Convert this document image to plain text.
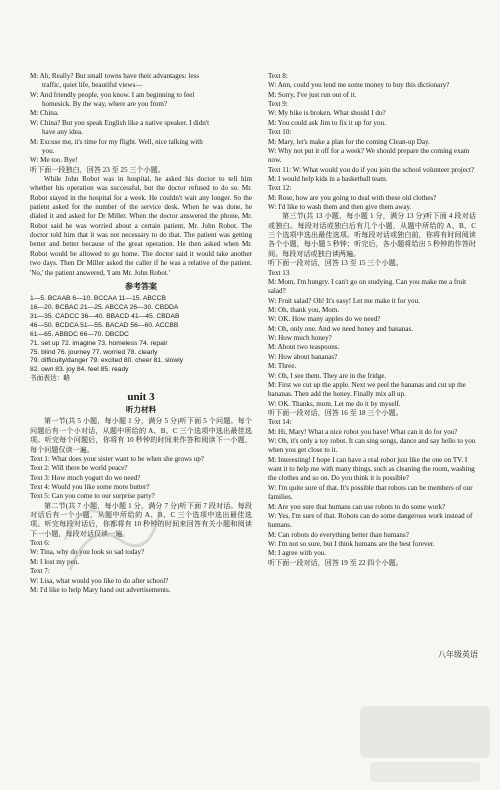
M: Ah, Really? But small towns have their advantages: less

traffic, quiet life, beautiful views—

W: And friendly people, you know. I am beginning to feel

homesick. By the way, where are you from?

M: China.

W: China? But you speak English like a native speaker. I didn't

have any idea.

M: Excuse me, it's time for my flight. Well, nice talking with

you.

W: Me too. Bye!

听下面一段独白，回答 23 至 25 三个小题。

While John Robot was in hospital, he asked his doctor to tell him whether his operation was successful, but the doctor refused to do so. Mr. Robot stayed in the hospital for a week. He couldn't wait any longer. So the patient asked for the number of the service desk. When he was done, he dialed it and asked for Dr Miller. When the doctor answered the phone, Mr. Robot said he was worried about a certain patient, Mr. John Robot. The doctor told him that it was not necessary to do that. The patient was getting better and better because of the great operation. He then asked when Mr. Robot would be allowed to go home. The doctor said it would take another two days. Then Dr Miller asked the caller if he was a relative of the patient. 'No,' the patient answered, 'I am Mr. John Robot.'

参考答案

1—5. BCAAB 6—10. BCCAA 11—15. ABCCB

16—20. BCBAC 21—25. ABCCA 26—30. CBDDA

31—35. CADCC 36—40. BBACD 41—45. CBDAB

46—50. BCDCA 51—55. BACAD 56—60. ACCBB

61—65. ABBDC 66—70. DBCDC

71. set up 72. imagine 73. homeless 74. repair

75. blind 76. journey 77. worried 78. clearly

79. difficulty/danger 79. excited 80. cheer 81. slowly

82. own 83. joy 84. feel 85. ready

书面表达：略

unit 3
听力材料

第一节(共 5 小题，每小题 1 分，满分 5 分)听下面 5 个问题。每个问题后有一个小对话，从题中所给的 A、B、C 三个选项中选出最佳选项。听完每个问题后，你将有 10 秒钟的时间来作答和阅读下一小题，每个问题仅读一遍。

Text 1: What does your sister want to be when she grows up?

Text 2: Will there be world peace?

Text 3: How much yogurt do we need?

Text 4: Would you like some more butter?

Text 5: Can you come to our surprise party?

第二节(共 7 小题，每小题 1 分，满分 7 分)听下面 7 段对话。每段对话后有一个小题，从题中所给的 A、B、C 三个选项中选出最佳选项。听完每段对话后，你都将有 10 秒钟的时间来回答有关小题和阅读下一小题，每段对话仅读一遍。

Text 6:

W: Tina, why do you look so sad today?

M: I lost my pen.

Text 7:

W: Lisa, what would you like to do after school?

M: I'd like to help Mary hand out advertisements.

Text 8:

W: Ann, could you lend me some money to buy this dictionary?

M: Sorry, I've just run out of it.

Text 9:

W: My bike is broken. What should I do?

M: You could ask Jim to fix it up for you.

Text 10:

M: Mary, let's make a plan for the coming Clean-up Day.

W: Why not put it off for a week? We should prepare the coming exam now.

Text 11: W: What would you do if you join the school volunteer project?

M: I would help kids in a basketball team.

Text 12:

M: Rose, how are you going to deal with these old clothes?

W: I'd like to wash them and then give them away.

第三节(共 13 小题，每小题 1 分，满分 13 分)听下面 4 段对话或独白。每段对话或独白后有几个小题，从题中所给的 A、B、C 三个选项中选出最佳选项。听每段对话或独白前，你将有时间阅读各个小题，每小题 5 秒钟；听完后，各小题将给出 5 秒钟的作答时间。每段对话或独白读两遍。

听下面一段对话，回答 13 至 15 三个小题。

Text 13

M: Mom, I'm hungry. I can't go on studying. Can you make me a fruit salad?

W: Fruit salad? Oh! It's easy! Let me make it for you.

M: Oh, thank you, Mom.

W: OK. How many apples do we need?

M: Oh, only one. And we need honey and bananas.

W: How much honey?

M: About two teaspoons.

W: How about bananas?

M: Three.

W: Oh, I see them. They are in the fridge.

M: First we cut up the apple. Next we peel the bananas and cut up the bananas. Then add the honey. Finally mix all up.

W: OK. Thanks, mom. Let me do it by myself.

听下面一段对话，回答 16 至 18 三个小题。

Text 14:

M: Hi, Mary! What a nice robot you have! What can it do for you?

W: Oh, it's only a toy robot. It can sing songs, dance and say hello to you when you get close to it.

M: Interesting! I hope I can have a real robot just like the one on TV. I want it to help me with many things, such as cleaning the room, washing the clothes and so on. Do you think it is possible?

W: I'm quite sure of that. It's possible that robots can be members of our families.

M: Are you sure that humans can use robots to do some work?

W: Yes, I'm sure of that. Robots can do some dangerous work instead of humans.

M: Can robots do everything better than humans?

W: I'm not so sure, but I think humans are the best forever.

M: I agree with you.

听下面一段对话，回答 19 至 22 四个小题。

八年级英语
